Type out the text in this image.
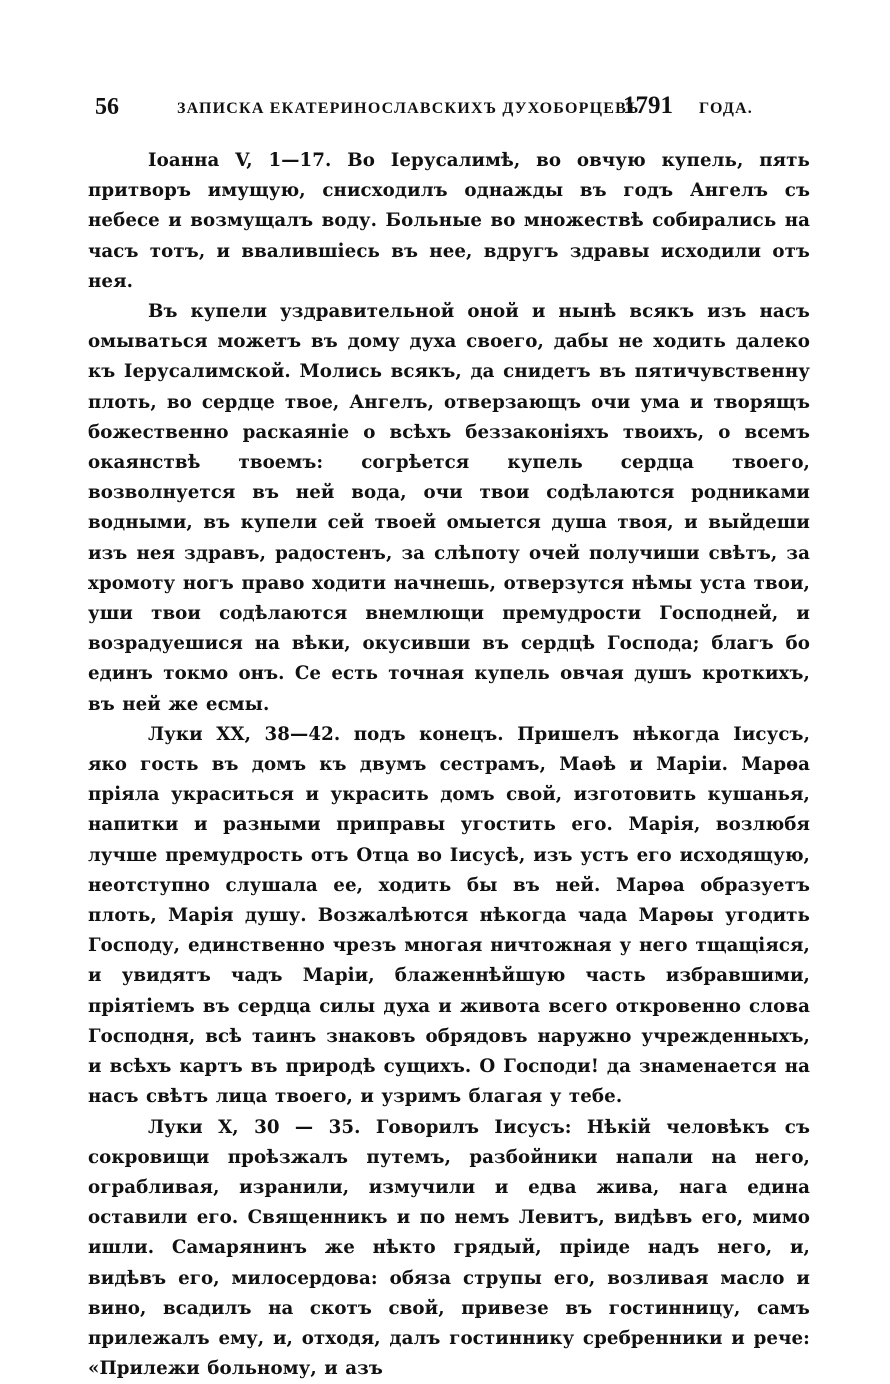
56	ЗАПИСКА ЕКАТЕРИНОСЛАВСКИХЪ ДУХОБОРЦЕВЪ
1791 ГОДА.

Іоанна V, 1—17. Во Іерусалимѣ, во овчую купель, пять притворъ имущую, снисходилъ однажды въ годъ Ангелъ съ небесе и возмущалъ воду. Больные во множествѣ собирались на часъ тотъ, и ввалившіесь въ нее, вдругъ здравы исходили отъ нея.

Въ купели уздравительной оной и нынѣ всякъ изъ насъ омываться можетъ въ дому духа своего, дабы не ходить далеко къ Іерусалимской. Молись всякъ, да снидетъ въ пятичувственну плоть, во сердце твое, Ангелъ, отверзающъ очи ума и творящъ божественно раскаяніе о всѣхъ беззаконіяхъ твоихъ, о всемъ окаянствѣ твоемъ: согрѣется купель сердца твоего, возволнуется въ ней вода, очи твои содѣлаются родниками водными, въ купели сей твоей омыется душа твоя, и выйдеши изъ нея здравъ, радостенъ, за слѣпоту очей получиши свѣтъ, за хромоту ногъ право ходити начнешь, отверзутся нѣмы уста твои, уши твои содѣлаются внемлющи премудрости Господней, и возрадуешися на вѣки, окусивши въ сердцѣ Господа; благъ бо единъ токмо онъ. Се есть точная купель овчая душъ кроткихъ, въ ней же есмы.

Луки XX, 38—42. подъ конецъ. Пришелъ нѣкогда Іисусъ, яко гость въ домъ къ двумъ сестрамъ, Маѳѣ и Маріи. Марѳа пріяла украситься и украсить домъ свой, изготовить кушанья, напитки и разными приправы угостить его. Марія, возлюбя лучше премудрость отъ Отца во Іисусѣ, изъ устъ его исходящую, неотступно слушала ее, ходить бы въ ней. Марѳа образуетъ плоть, Марія душу. Возжалѣются нѣкогда чада Марѳы угодить Господу, единственно чрезъ многая ничтожная у него тщащіяся, и увидятъ чадъ Маріи, блаженнѣйшую часть избравшими, пріятіемъ въ сердца силы духа и живота всего откровенно слова Господня, всѣ таинъ знаковъ обрядовъ наружно учрежденныхъ, и всѣхъ картъ въ природѣ сущихъ. О Господи! да знаменается на насъ свѣтъ лица твоего, и узримъ благая у тебе.

Луки X, 30 — 35. Говорилъ Іисусъ: Нѣкій человѣкъ съ сокровищи проѣзжалъ путемъ, разбойники напали на него, ограбливая, изранили, измучили и едва жива, нага едина оставили его. Священникъ и по немъ Левитъ, видѣвъ его, мимо ишли. Самарянинъ же нѣкто грядый, пріиде надъ него, и, видѣвъ его, милосердова: обяза струпы его, возливая масло и вино, всадилъ на скотъ свой, привезе въ гостинницу, самъ прилежалъ ему, и, отходя, далъ гостиннику сребренники и рече: «Прилежи больному, и азъ
